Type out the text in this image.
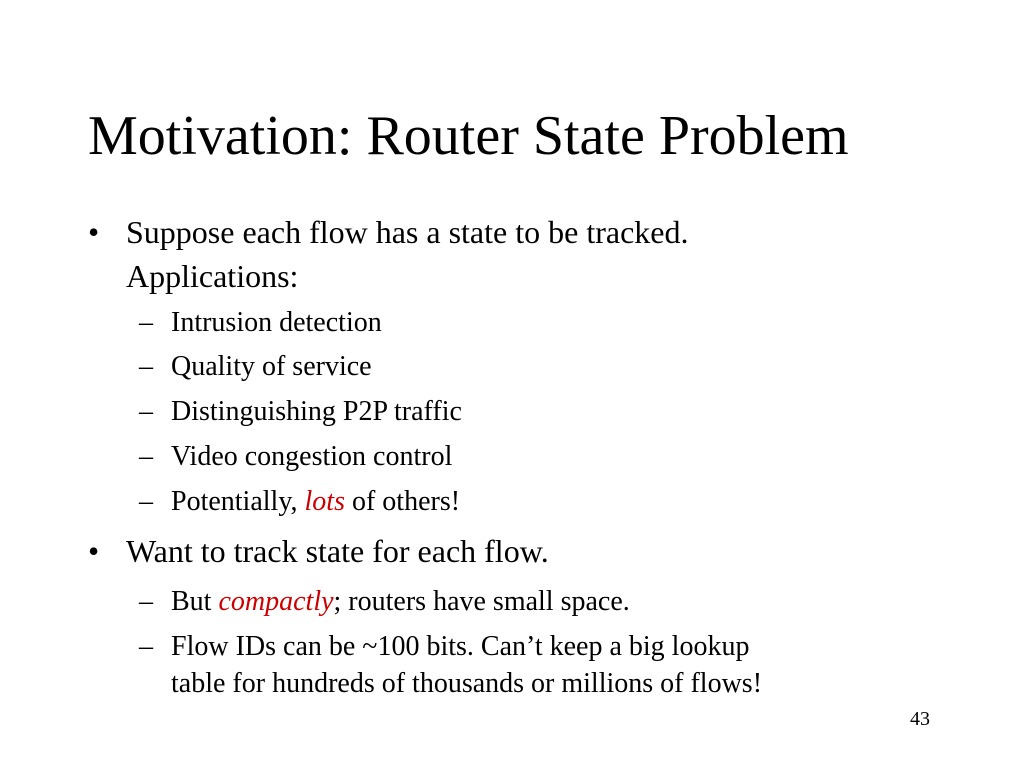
Motivation: Router State Problem
• Suppose each flow has a state to be tracked.
Applications:
– Intrusion detection
– Quality of service
– Distinguishing P2P traffic
– Video congestion control
– Potentially, lots of others!
• Want to track state for each flow.
– But compactly; routers have small space.
– Flow IDs can be ~100 bits. Can’t keep a big lookup
table for hundreds of thousands or millions of flows!
43
